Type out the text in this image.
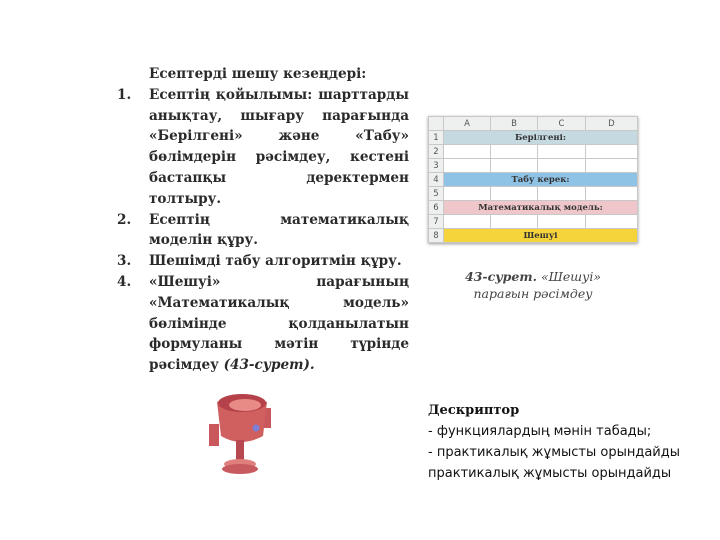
Есептерді шешу кезеңдері:
1.	Есептің қойылымы: шарттарды анықтау, шығару парағында «Берілгені» және «Табу» бөлімдерін рәсімдеу, кестені бастапқы деректермен толтыру.
2.	Есептің математикалық моделін құру.
3.	Шешімді табу алгоритмін құру.
4.	«Шешуі» парағының «Математикалық модель» бөлімінде қолданылатын формуланы мәтін түрінде рәсімдеу (43-сурет).
	A	B	C	D
1	Берілгені:			
2				
3				
4	Табу керек:			
5				
6	Математикалық модель:			
7				
8	Шешуі			
43-сурет. «Шешуі» парағын рәсімдеу
Дескриптор
- функциялардың мәнін табады;
- практикалық жұмысты орындайды
практикалық жұмысты орындайды
